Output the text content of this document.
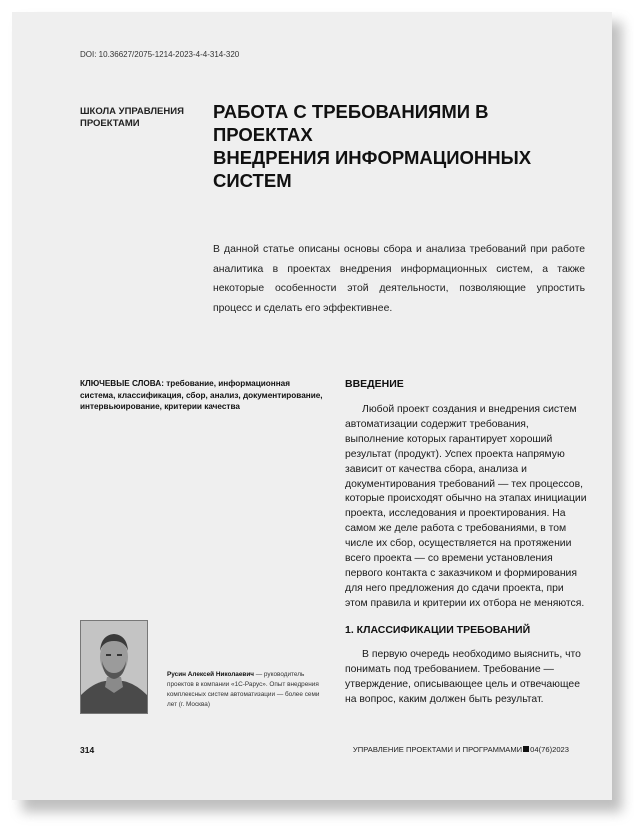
DOI: 10.36627/2075-1214-2023-4-4-314-320
ШКОЛА УПРАВЛЕНИЯ
ПРОЕКТАМИ
РАБОТА С ТРЕБОВАНИЯМИ В ПРОЕКТАХ
ВНЕДРЕНИЯ ИНФОРМАЦИОННЫХ СИСТЕМ

В данной статье описаны основы сбора и анализа требований при работе аналитика в проектах внедрения информационных систем, а также некоторые особенности этой деятельности, позволяющие упростить процесс и сделать его эффективнее.

КЛЮЧЕВЫЕ СЛОВА: требование, информационная система, классификация, сбор, анализ, документирование, интервьюирование, критерии качества

ВВЕДЕНИЕ

Любой проект создания и внедрения систем автоматизации содержит требования, выполнение которых гарантирует хороший результат (продукт). Успех проекта напрямую зависит от качества сбора, анализа и документирования требований — тех процессов, которые происходят обычно на этапах инициации проекта, исследования и проектирования. На самом же деле работа с требованиями, в том числе их сбор, осуществляется на протяжении всего проекта — со времени установления первого контакта с заказчиком и формирования для него предложения до сдачи проекта, при этом правила и критерии их отбора не меняются.

1. КЛАССИФИКАЦИИ ТРЕБОВАНИЙ

В первую очередь необходимо выяснить, что понимать под требованием. Требование — утверждение, описывающее цель и отвечающее на вопрос, каким должен быть результат.

Русин Алексей Николаевич — руководитель проектов в компании «1С-Рарус». Опыт внедрения комплексных систем автоматизации — более семи лет (г. Москва)

314	УПРАВЛЕНИЕ ПРОЕКТАМИ И ПРОГРАММАМИ 04(76)2023
